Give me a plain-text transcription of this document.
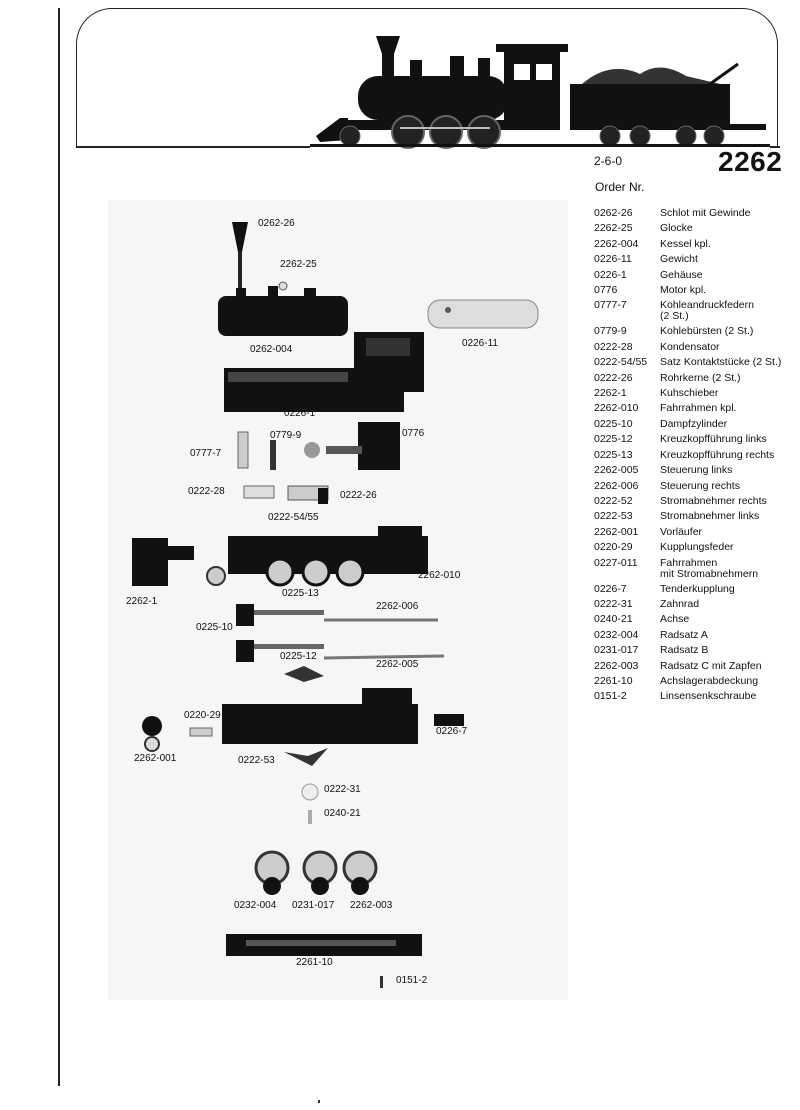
2-6-0	2262
Order Nr.
0262-26	Schlot mit Gewinde
2262-25	Glocke
2262-004	Kessel kpl.
0226-11	Gewicht
0226-1	Gehäuse
0776	Motor kpl.
0777-7	Kohleandruckfedern
(2 St.)
0779-9	Kohlebürsten (2 St.)
0222-28	Kondensator
0222-54/55	Satz Kontaktstücke (2 St.)
0222-26	Rohrkerne (2 St.)
2262-1	Kuhschieber
2262-010	Fahrrahmen kpl.
0225-10	Dampfzylinder
0225-12	Kreuzkopfführung links
0225-13	Kreuzkopfführung rechts
2262-005	Steuerung links
2262-006	Steuerung rechts
0222-52	Stromabnehmer rechts
0222-53	Stromabnehmer links
2262-001	Vorläufer
0220-29	Kupplungsfeder
0227-011	Fahrrahmen
mit Stromabnehmern
0226-7	Tenderkupplung
0222-31	Zahnrad
0240-21	Achse
0232-004	Radsatz A
0231-017	Radsatz B
2262-003	Radsatz C mit Zapfen
2261-10	Achslagerabdeckung
0151-2	Linsensenkschraube
0262-26
2262-25
0262-004
0226-11
0226-1
0779-9	0776
0777-7
0222-28	0222-26
0222-54/55
2262-1
2262-010
0225-13
2262-006
0225-10
0225-12
2262-005
0220-29
0226-7
0227-11
2262-001	0222-53
0222-31
0240-21
0232-004 0231-017 2262-003
2261-10
0151-2
